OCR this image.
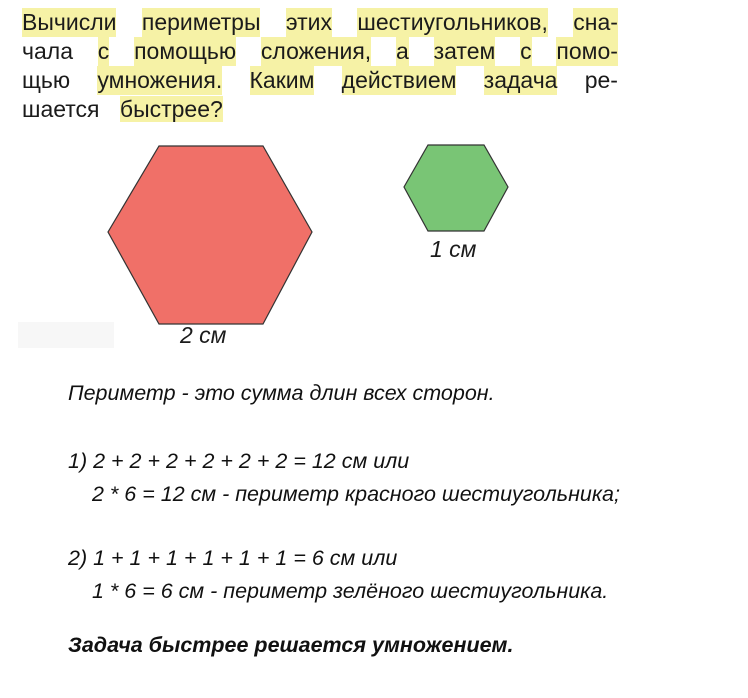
Вычисли периметры этих шестиугольников, сна-
чала с помощью сложения, а затем с помо-
щью умножения. Каким действием задача ре-
шается быстрее?
2 см
1 см
Периметр - это сумма длин всех сторон.
1) 2 + 2 + 2 + 2 + 2 + 2 = 12 см или
2 * 6 = 12 см - периметр красного шестиугольника;
2) 1 + 1 + 1 + 1 + 1 + 1 = 6 см или
1 * 6 = 6 см - периметр зелёного шестиугольника.
Задача быстрее решается умножением.
